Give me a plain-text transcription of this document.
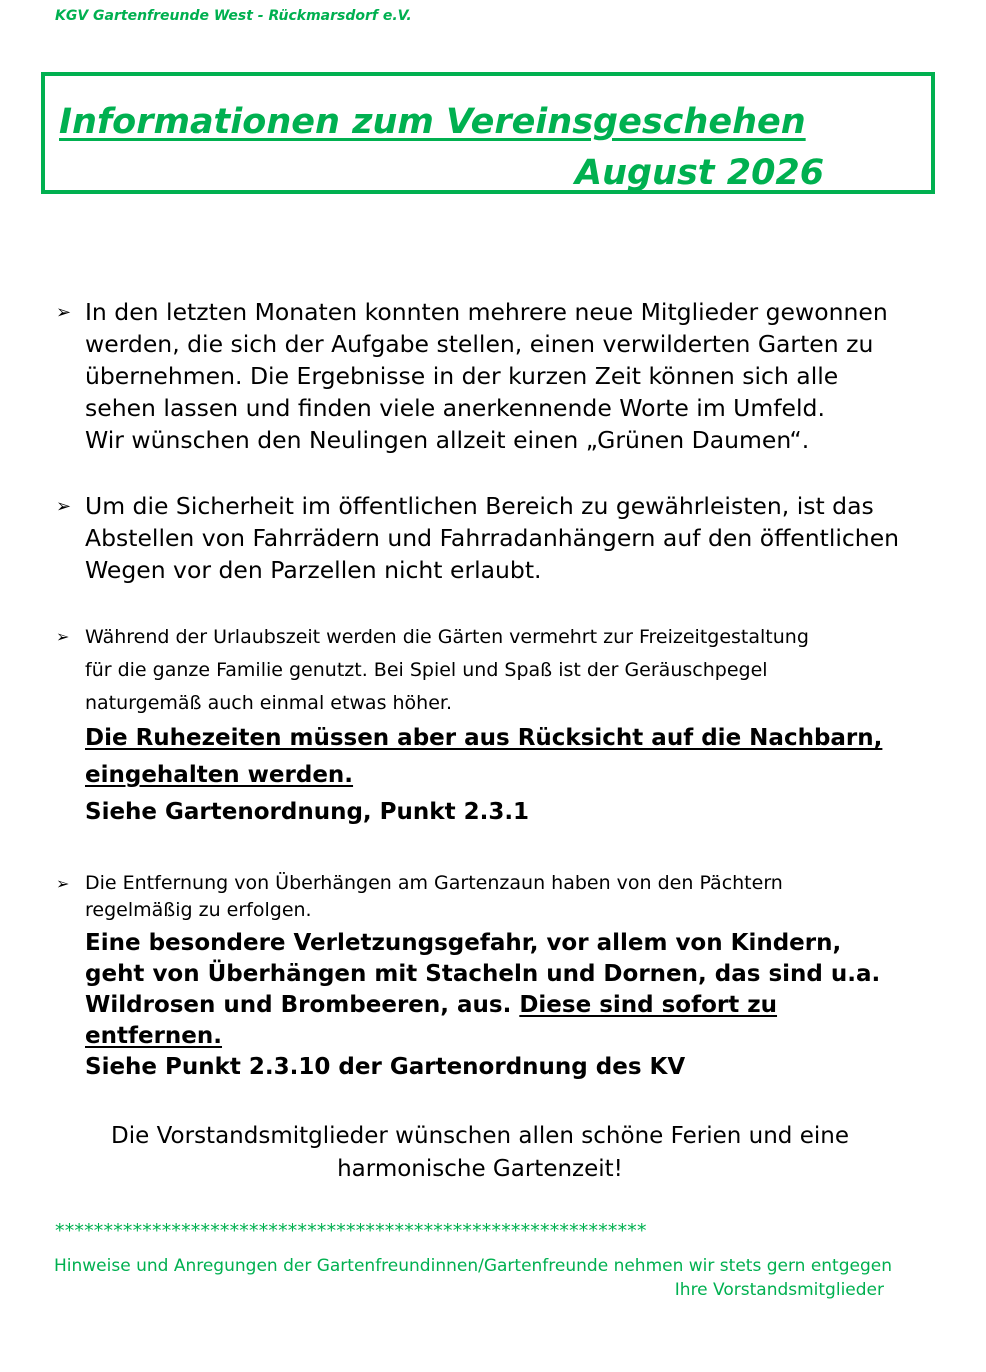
KGV Gartenfreunde West - Rückmarsdorf e.V.
Informationen zum Vereinsgeschehen
August 2026
➢ In den letzten Monaten konnten mehrere neue Mitglieder gewonnen

werden, die sich der Aufgabe stellen, einen verwilderten Garten zu

übernehmen. Die Ergebnisse in der kurzen Zeit können sich alle

sehen lassen und finden viele anerkennende Worte im Umfeld.

Wir wünschen den Neulingen allzeit einen „Grünen Daumen“.

➢ Um die Sicherheit im öffentlichen Bereich zu gewährleisten, ist das

Abstellen von Fahrrädern und Fahrradanhängern auf den öffentlichen

Wegen vor den Parzellen nicht erlaubt.

➢ Während der Urlaubszeit werden die Gärten vermehrt zur Freizeitgestaltung

für die ganze Familie genutzt. Bei Spiel und Spaß ist der Geräuschpegel

naturgemäß auch einmal etwas höher.

Die Ruhezeiten müssen aber aus Rücksicht auf die Nachbarn,

eingehalten werden.

Siehe Gartenordnung, Punkt 2.3.1

➢ Die Entfernung von Überhängen am Gartenzaun haben von den Pächtern

regelmäßig zu erfolgen.

Eine besondere Verletzungsgefahr, vor allem von Kindern,

geht von Überhängen mit Stacheln und Dornen, das sind u.a.

Wildrosen und Brombeeren, aus. Diese sind sofort zu

entfernen.

Siehe Punkt 2.3.10 der Gartenordnung des KV

Die Vorstandsmitglieder wünschen allen schöne Ferien und eine

harmonische Gartenzeit!

*************************************************************
Hinweise und Anregungen der Gartenfreundinnen/Gartenfreunde nehmen wir stets gern entgegen
Ihre Vorstandsmitglieder
